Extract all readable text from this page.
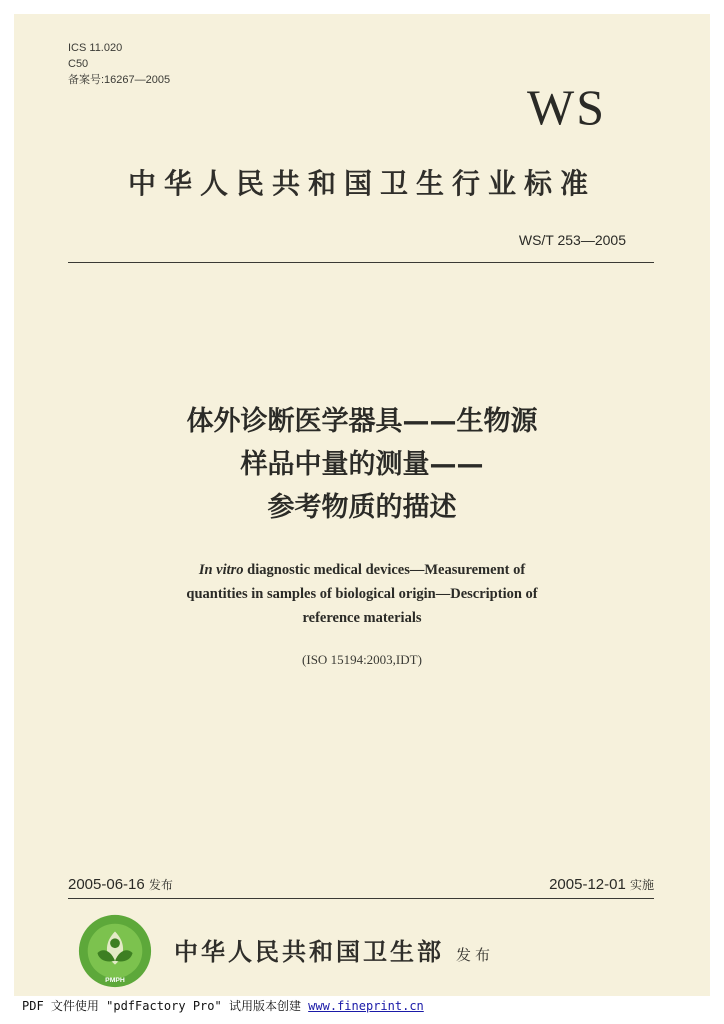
ICS 11.020
C50
备案号:16267—2005	WS
中华人民共和国卫生行业标准
WS/T 253—2005
体外诊断医学器具——生物源
样品中量的测量——
参考物质的描述
In vitro diagnostic medical devices—Measurement of
quantities in samples of biological origin—Description of
reference materials
(ISO 15194:2003,IDT)
2005-06-16 发布	2005-12-01 实施
PMPH
中华人民共和国卫生部 发布
PDF 文件使用 "pdfFactory Pro" 试用版本创建 www.fineprint.cn
